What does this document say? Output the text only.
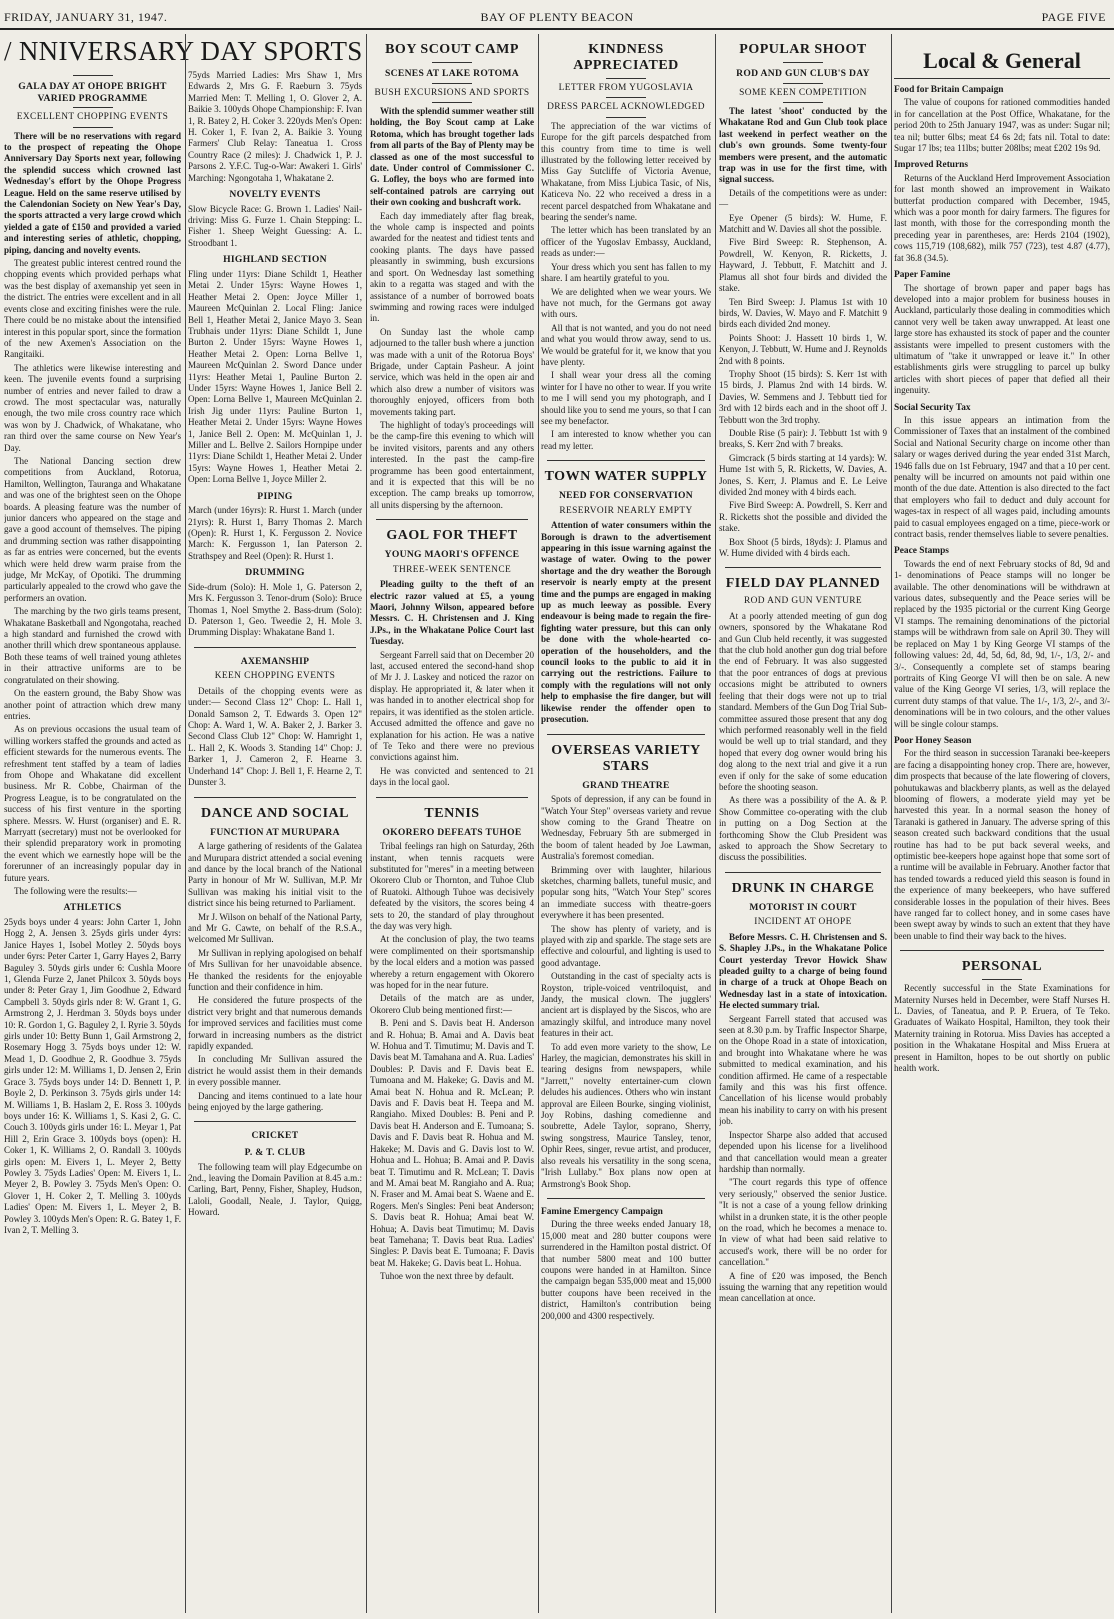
FRIDAY, JANUARY 31, 1947.	BAY OF PLENTY BEACON	PAGE FIVE
/ NNIVERSARY DAY SPORTS
GALA DAY AT OHOPE BRIGHT VARIED PROGRAMME
EXCELLENT CHOPPING EVENTS

There will be no reservations with regard to the prospect of repeating the Ohope Anniversary Day Sports next year, following the splendid success which crowned last Wednesday's effort by the Ohope Progress League. Held on the same reserve utilised by the Calendonian Society on New Year's Day, the sports attracted a very large crowd which yielded a gate of £150 and provided a varied and interesting series of athletic, chopping, piping, dancing and novelty events.

The greatest public interest centred round the chopping events which provided perhaps what was the best display of axemanship yet seen in the district. The entries were excellent and in all events close and exciting finishes were the rule. There could be no mistake about the intensified interest in this popular sport, since the formation of the new Axemen's Association on the Rangitaiki.

The athletics were likewise interesting and keen. The juvenile events found a surprising number of entries and never failed to draw a crowd. The most spectacular was, naturally enough, the two mile cross country race which was won by J. Chadwick, of Whakatane, who ran third over the same course on New Year's Day.

The National Dancing section drew competitions from Auckland, Rotorua, Hamilton, Wellington, Tauranga and Whakatane and was one of the brightest seen on the Ohope boards. A pleasing feature was the number of junior dancers who appeared on the stage and gave a good account of themselves. The piping and drumming section was rather disappointing as far as entries were concerned, but the events which were held drew warm praise from the judge, Mr McKay, of Opotiki. The drumming particularly appealed to the crowd who gave the performers an ovation.

The marching by the two girls teams present, Whakatane Basketball and Ngongotaha, reached a high standard and furnished the crowd with another thrill which drew spontaneous applause. Both these teams of well trained young athletes in their attractive uniforms are to be congratulated on their showing.

On the eastern ground, the Baby Show was another point of attraction which drew many entries.

As on previous occasions the usual team of willing workers staffed the grounds and acted as efficient stewards for the numerous events. The refreshment tent staffed by a team of ladies from Ohope and Whakatane did excellent business. Mr R. Cobbe, Chairman of the Progress League, is to be congratulated on the success of his first venture in the sporting sphere. Messrs. W. Hurst (organiser) and E. R. Marryatt (secretary) must not be overlooked for their splendid preparatory work in promoting the event which we earnestly hope will be the forerunner of an increasingly popular day in future years.

The following were the results:—

ATHLETICS

25yds boys under 4 years: John Carter 1, John Hogg 2, A. Jensen 3. 25yds girls under 4yrs: Janice Hayes 1, Isobel Motley 2. 50yds boys under 6yrs: Peter Carter 1, Garry Hayes 2, Barry Baguley 3. 50yds girls under 6: Cushla Moore 1, Glenda Furze 2, Janet Philcox 3. 50yds boys under 8: Peter Gray 1, Jim Goodhue 2, Edward Campbell 3. 50yds girls nder 8: W. Grant 1, G. Armstrong 2, J. Herdman 3. 50yds boys under 10: R. Gordon 1, G. Baguley 2, I. Ryrie 3. 50yds girls under 10: Betty Bunn 1, Gail Armstrong 2, Rosemary Hogg 3. 75yds boys under 12: W. Mead 1, D. Goodhue 2, R. Goodhue 3. 75yds girls under 12: M. Williams 1, D. Jensen 2, Erin Grace 3. 75yds boys under 14: D. Bennett 1, P. Boyle 2, D. Perkinson 3. 75yds girls under 14: M. Williams 1, B. Haslam 2, E. Ross 3. 100yds boys under 16: K. Williams 1, S. Kasi 2, G. C. Couch 3. 100yds girls under 16: L. Meyar 1, Pat Hill 2, Erin Grace 3. 100yds boys (open): H. Coker 1, K. Williams 2, O. Randall 3. 100yds girls open: M. Eivers 1, L. Meyer 2, Betty Powley 3. 75yds Ladies' Open: M. Eivers 1, L. Meyer 2, B. Powley 3. 75yds Men's Open: O. Glover 1, H. Coker 2, T. Melling 3. 100yds Ladies' Open: M. Eivers 1, L. Meyer 2, B. Powley 3. 100yds Men's Open: R. G. Batey 1, F. Ivan 2, T. Melling 3.

75yds Married Ladies: Mrs Shaw 1, Mrs Edwards 2, Mrs G. F. Raeburn 3. 75yds Married Men: T. Melling 1, O. Glover 2, A. Baikie 3. 100yds Ohope Championship: F. Ivan 1, R. Batey 2, H. Coker 3. 220yds Men's Open: H. Coker 1, F. Ivan 2, A. Baikie 3. Young Farmers' Club Relay: Taneatua 1. Cross Country Race (2 miles): J. Chadwick 1, P. J. Parsons 2. Y.F.C. Tug-o-War: Awakeri 1. Girls' Marching: Ngongotaha 1, Whakatane 2.

NOVELTY EVENTS

Slow Bicycle Race: G. Brown 1. Ladies' Nail-driving: Miss G. Furze 1. Chain Stepping: L. Fisher 1. Sheep Weight Guessing: A. L. Stroodbant 1.

HIGHLAND SECTION

Fling under 11yrs: Diane Schildt 1, Heather Metai 2. Under 15yrs: Wayne Howes 1, Heather Metai 2. Open: Joyce Miller 1, Maureen McQuinlan 2. Local Fling: Janice Bell 1, Heather Metai 2, Janice Mayo 3. Sean Trubhais under 11yrs: Diane Schildt 1, June Burton 2. Under 15yrs: Wayne Howes 1, Heather Metai 2. Open: Lorna Bellve 1, Maureen McQuinlan 2. Sword Dance under 11yrs: Heather Metai 1, Pauline Burton 2. Under 15yrs: Wayne Howes 1, Janice Bell 2. Open: Lorna Bellve 1, Maureen McQuinlan 2. Irish Jig under 11yrs: Pauline Burton 1, Heather Metai 2. Under 15yrs: Wayne Howes 1, Janice Bell 2. Open: M. McQuinlan 1, J. Miller and L. Bellve 2. Sailors Hornpipe under 11yrs: Diane Schildt 1, Heather Metai 2. Under 15yrs: Wayne Howes 1, Heather Metai 2. Open: Lorna Bellve 1, Joyce Miller 2.

PIPING

March (under 16yrs): R. Hurst 1. March (under 21yrs): R. Hurst 1, Barry Thomas 2. March (Open): R. Hurst 1, K. Fergusson 2. Novice March: K. Fergusson 1, Ian Paterson 2. Strathspey and Reel (Open): R. Hurst 1.

DRUMMING

Side-drum (Solo): H. Mole 1, G. Paterson 2, Mrs K. Fergusson 3. Tenor-drum (Solo): Bruce Thomas 1, Noel Smythe 2. Bass-drum (Solo): D. Paterson 1, Geo. Tweedie 2, H. Mole 3. Drumming Display: Whakatane Band 1.

AXEMANSHIP
KEEN CHOPPING EVENTS

Details of the chopping events were as under:— Second Class 12" Chop: L. Hall 1, Donald Samson 2, T. Edwards 3. Open 12" Chop: A. Ward 1, W. A. Baker 2, J. Barker 3. Second Class Club 12" Chop: W. Hamright 1, L. Hall 2, K. Woods 3. Standing 14" Chop: J. Barker 1, J. Cameron 2, F. Hearne 3. Underhand 14" Chop: J. Bell 1, F. Hearne 2, T. Dunster 3.

DANCE AND SOCIAL
FUNCTION AT MURUPARA

A large gathering of residents of the Galatea and Murupara district attended a social evening and dance by the local branch of the National Party in honour of Mr W. Sullivan, M.P. Mr Sullivan was making his initial visit to the district since his being returned to Parliament.

Mr J. Wilson on behalf of the National Party, and Mr G. Cawte, on behalf of the R.S.A., welcomed Mr Sullivan.

Mr Sullivan in replying apologised on behalf of Mrs Sullivan for her unavoidable absence. He thanked the residents for the enjoyable function and their confidence in him.

He considered the future prospects of the district very bright and that numerous demands for improved services and facilities must come forward in increasing numbers as the district rapidly expanded.

In concluding Mr Sullivan assured the district he would assist them in their demands in every possible manner.

Dancing and items continued to a late hour being enjoyed by the large gathering.

CRICKET
P. & T. CLUB

The following team will play Edgecumbe on 2nd., leaving the Domain Pavilion at 8.45 a.m.: Carling, Bart, Penny, Fisher, Shapley, Hudson, Laloli, Goodall, Neale, J. Taylor, Quigg, Howard.

BOY SCOUT CAMP
SCENES AT LAKE ROTOMA
BUSH EXCURSIONS AND SPORTS

With the splendid summer weather still holding, the Boy Scout camp at Lake Rotoma, which has brought together lads from all parts of the Bay of Plenty may be classed as one of the most successful to date. Under control of Commissioner C. G. Lofley, the boys who are formed into self-contained patrols are carrying out their own cooking and bushcraft work.

Each day immediately after flag break, the whole camp is inspected and points awarded for the neatest and tidiest tents and cooking plants. The days have passed pleasantly in swimming, bush excursions and sport. On Wednesday last something akin to a regatta was staged and with the assistance of a number of borrowed boats swimming and rowing races were indulged in.

On Sunday last the whole camp adjourned to the taller bush where a junction was made with a unit of the Rotorua Boys' Brigade, under Captain Pasheur. A joint service, which was held in the open air and which also drew a number of visitors was thoroughly enjoyed, officers from both movements taking part.

The highlight of today's proceedings will be the camp-fire this evening to which will be invited visitors, parents and any others interested. In the past the camp-fire programme has been good entertainment, and it is expected that this will be no exception. The camp breaks up tomorrow, all units dispersing by the afternoon.

GAOL FOR THEFT
YOUNG MAORI'S OFFENCE
THREE-WEEK SENTENCE

Pleading guilty to the theft of an electric razor valued at £5, a young Maori, Johnny Wilson, appeared before Messrs. C. H. Christensen and J. King J.Ps., in the Whakatane Police Court last Tuesday.

Sergeant Farrell said that on December 20 last, accused entered the second-hand shop of Mr J. J. Laskey and noticed the razor on display. He appropriated it, & later when it was handed in to another electrical shop for repairs, it was identified as the stolen article. Accused admitted the offence and gave no explanation for his action. He was a native of Te Teko and there were no previous convictions against him.

He was convicted and sentenced to 21 days in the local gaol.

TENNIS
OKORERO DEFEATS TUHOE

Tribal feelings ran high on Saturday, 26th instant, when tennis racquets were substituted for "meres" in a meeting between Okorero Club or Thornton, and Tuhoe Club of Ruatoki. Although Tuhoe was decisively defeated by the visitors, the scores being 4 sets to 20, the standard of play throughout the day was very high.

At the conclusion of play, the two teams were complimented on their sportsmanship by the local elders and a motion was passed whereby a return engagement with Okorero was hoped for in the near future.

Details of the match are as under, Okorero Club being mentioned first:—

B. Peni and S. Davis beat H. Anderson and R. Hohua; B. Amai and A. Davis beat W. Hohua and T. Timutimu; M. Davis and T. Davis beat M. Tamahana and A. Rua. Ladies' Doubles: P. Davis and F. Davis beat E. Tumoana and M. Hakeke; G. Davis and M. Amai beat N. Hohua and R. McLean; P. Davis and F. Davis beat H. Teepa and M. Rangiaho. Mixed Doubles: B. Peni and P. Davis beat H. Anderson and E. Tumoana; S. Davis and F. Davis beat R. Hohua and M. Hakeke; M. Davis and G. Davis lost to W. Hohua and L. Hohua; B. Amai and P. Davis beat T. Timutimu and R. McLean; T. Davis and M. Amai beat M. Rangiaho and A. Rua; N. Fraser and M. Amai beat S. Waene and E. Rogers. Men's Singles: Peni beat Anderson; S. Davis beat R. Hohua; Amai beat W. Hohua; A. Davis beat Timutimu; M. Davis beat Tamehana; T. Davis beat Rua. Ladies' Singles: P. Davis beat E. Tumoana; F. Davis beat M. Hakeke; G. Davis beat L. Hohua.

Tuhoe won the next three by default.

KINDNESS APPRECIATED
LETTER FROM YUGOSLAVIA
DRESS PARCEL ACKNOWLEDGED

The appreciation of the war victims of Europe for the gift parcels despatched from this country from time to time is well illustrated by the following letter received by Miss Gay Sutcliffe of Victoria Avenue, Whakatane, from Miss Ljubica Tasic, of Nis, Katicevа No. 22 who received a dress in a recent parcel despatched from Whakatane and bearing the sender's name.

The letter which has been translated by an officer of the Yugoslav Embassy, Auckland, reads as under:—

Your dress which you sent has fallen to my share. I am heartily grateful to you.

We are delighted when we wear yours. We have not much, for the Germans got away with ours.

All that is not wanted, and you do not need and what you would throw away, send to us. We would be grateful for it, we know that you have plenty.

I shall wear your dress all the coming winter for I have no other to wear. If you write to me I will send you my photograph, and I should like you to send me yours, so that I can see my benefactor.

I am interested to know whether you can read my letter.

TOWN WATER SUPPLY
NEED FOR CONSERVATION
RESERVOIR NEARLY EMPTY

Attention of water consumers within the Borough is drawn to the advertisement appearing in this issue warning against the wastage of water. Owing to the power shortage and the dry weather the Borough reservoir is nearly empty at the present time and the pumps are engaged in making up as much leeway as possible. Every endeavour is being made to regain the fire-fighting water pressure, but this can only be done with the whole-hearted co-operation of the householders, and the council looks to the public to aid it in carrying out the restrictions. Failure to comply with the regulations will not only help to emphasise the fire danger, but will likewise render the offender open to prosecution.

OVERSEAS VARIETY STARS
GRAND THEATRE

Spots of depression, if any can be found in "Watch Your Step" overseas variety and revue show coming to the Grand Theatre on Wednesday, February 5th are submerged in the boom of talent headed by Joe Lawman, Australia's foremost comedian.

Brimming over with laughter, hilarious sketches, charming ballets, tuneful music, and popular song hits, "Watch Your Step" scores an immediate success with theatre-goers everywhere it has been presented.

The show has plenty of variety, and is played with zip and sparkle. The stage sets are effective and colourful, and lighting is used to good advantage.

Outstanding in the cast of specialty acts is Royston, triple-voiced ventriloquist, and Jandy, the musical clown. The jugglers' ancient art is displayed by the Siscos, who are amazingly skilful, and introduce many novel features in their act.

To add even more variety to the show, Le Harley, the magician, demonstrates his skill in tearing designs from newspapers, while "Jarrett," novelty entertainer-cum clown deludes his audiences. Others who win instant approval are Eileen Bourke, singing violinist, Joy Robins, dashing comedienne and soubrette, Adele Taylor, soprano, Sherry, swing songstress, Maurice Tansley, tenor, Ophir Rees, singer, revue artist, and producer, also reveals his versatility in the song scena, "Irish Lullaby." Box plans now open at Armstrong's Book Shop.

Famine Emergency Campaign

During the three weeks ended January 18, 15,000 meat and 280 butter coupons were surrendered in the Hamilton postal district. Of that number 5800 meat and 100 butter coupons were handed in at Hamilton. Since the campaign began 535,000 meat and 15,000 butter coupons have been received in the district, Hamilton's contribution being 200,000 and 4300 respectively.

POPULAR SHOOT
ROD AND GUN CLUB'S DAY
SOME KEEN COMPETITION

The latest 'shoot' conducted by the Whakatane Rod and Gun Club took place last weekend in perfect weather on the club's own grounds. Some twenty-four members were present, and the automatic trap was in use for the first time, with signal success.

Details of the competitions were as under:—

Eye Opener (5 birds): W. Hume, F. Matchitt and W. Davies all shot the possible.

Five Bird Sweep: R. Stephenson, A. Powdrell, W. Kenyon, R. Ricketts, J. Hayward, J. Tebbutt, F. Matchitt and J. Plamus all shot four birds and divided the stake.

Ten Bird Sweep: J. Plamus 1st with 10 birds, W. Davies, W. Mayo and F. Matchitt 9 birds each divided 2nd money.

Points Shoot: J. Hassett 10 birds 1, W. Kenyon, J. Tebbutt, W. Hume and J. Reynolds 2nd with 8 points.

Trophy Shoot (15 birds): S. Kerr 1st with 15 birds, J. Plamus 2nd with 14 birds. W. Davies, W. Semmens and J. Tebbutt tied for 3rd with 12 birds each and in the shoot off J. Tebbutt won the 3rd trophy.

Double Rise (5 pair): J. Tebbutt 1st with 9 breaks, S. Kerr 2nd with 7 breaks.

Gimcrack (5 birds starting at 14 yards): W. Hume 1st with 5, R. Ricketts, W. Davies, A. Jones, S. Kerr, J. Plamus and E. Le Leive divided 2nd money with 4 birds each.

Five Bird Sweep: A. Powdrell, S. Kerr and R. Ricketts shot the possible and divided the stake.

Box Shoot (5 birds, 18yds): J. Plamus and W. Hume divided with 4 birds each.

FIELD DAY PLANNED
ROD AND GUN VENTURE

At a poorly attended meeting of gun dog owners, sponsored by the Whakatane Rod and Gun Club held recently, it was suggested that the club hold another gun dog trial before the end of February. It was also suggested that the poor entrances of dogs at previous occasions might be attributed to owners feeling that their dogs were not up to trial standard. Members of the Gun Dog Trial Sub-committee assured those present that any dog which performed reasonably well in the field would be well up to trial standard, and they hoped that every dog owner would bring his dog along to the next trial and give it a run even if only for the sake of some education before the shooting season.

As there was a possibility of the A. & P. Show Committee co-operating with the club in putting on a Dog Section at the forthcoming Show the Club President was asked to approach the Show Secretary to discuss the possibilities.

DRUNK IN CHARGE
MOTORIST IN COURT
INCIDENT AT OHOPE

Before Messrs. C. H. Christensen and S. S. Shapley J.Ps., in the Whakatane Police Court yesterday Trevor Howick Shaw pleaded guilty to a charge of being found in charge of a truck at Ohope Beach on Wednesday last in a state of intoxication. He elected summary trial.

Sergeant Farrell stated that accused was seen at 8.30 p.m. by Traffic Inspector Sharpe, on the Ohope Road in a state of intoxication, and brought into Whakatane where he was submitted to medical examination, and his condition affirmed. He came of a respectable family and this was his first offence. Cancellation of his license would probably mean his inability to carry on with his present job.

Inspector Sharpe also added that accused depended upon his license for a livelihood and that cancellation would mean a greater hardship than normally.

"The court regards this type of offence very seriously," observed the senior Justice. "It is not a case of a young fellow drinking whilst in a drunken state, it is the other people on the road, which he becomes a menace to. In view of what had been said relative to accused's work, there will be no order for cancellation."

A fine of £20 was imposed, the Bench issuing the warning that any repetition would mean cancellation at once.

Local & General
Food for Britain Campaign

The value of coupons for rationed commodities handed in for cancellation at the Post Office, Whakatane, for the period 20th to 25th January 1947, was as under: Sugar nil; tea nil; butter 6lbs; meat £4 6s 2d; fats nil. Total to date: Sugar 17 lbs; tea 11lbs; butter 208lbs; meat £202 19s 9d.

Improved Returns

Returns of the Auckland Herd Improvement Association for last month showed an improvement in Waikato butterfat production compared with December, 1945, which was a poor month for dairy farmers. The figures for last month, with those for the corresponding month the preceding year in parentheses, are: Herds 2104 (1902), cows 115,719 (108,682), milk 757 (723), test 4.87 (4.77), fat 36.8 (34.5).

Paper Famine

The shortage of brown paper and paper bags has developed into a major problem for business houses in Auckland, particularly those dealing in commodities which cannot very well be taken away unwrapped. At least one large store has exhausted its stock of paper and the counter assistants were impelled to present customers with the ultimatum of "take it unwrapped or leave it." In other establishments girls were struggling to parcel up bulky articles with short pieces of paper that defied all their ingenuity.

Social Security Tax

In this issue appears an intimation from the Commissioner of Taxes that an instalment of the combined Social and National Security charge on income other than salary or wages derived during the year ended 31st March, 1946 falls due on 1st February, 1947 and that a 10 per cent. penalty will be incurred on amounts not paid within one month of the due date. Attention is also directed to the fact that employers who fail to deduct and duly account for wages-tax in respect of all wages paid, including amounts paid to casual employees engaged on a time, piece-work or contract basis, render themselves liable to severe penalties.

Peace Stamps

Towards the end of next February stocks of 8d, 9d and 1- denominations of Peace stamps will no longer be available. The other denominations will be withdrawn at various dates, subsequently and the Peace series will be replaced by the 1935 pictorial or the current King George VI stamps. The remaining denominations of the pictorial stamps will be withdrawn from sale on April 30. They will be replaced on May 1 by King George VI stamps of the following values: 2d, 4d, 5d, 6d, 8d, 9d, 1/-, 1/3, 2/- and 3/-. Consequently a complete set of stamps bearing portraits of King George VI will then be on sale. A new value of the King George VI series, 1/3, will replace the current duty stamps of that value. The 1/-, 1/3, 2/-, and 3/- denominations will be in two colours, and the other values will be single colour stamps.

Poor Honey Season

For the third season in succession Taranaki bee-keepers are facing a disappointing honey crop. There are, however, dim prospects that because of the late flowering of clovers, pohutukawas and blackberry plants, as well as the delayed blooming of flowers, a moderate yield may yet be harvested this year. In a normal season the honey of Taranaki is gathered in January. The adverse spring of this season created such backward conditions that the usual routine has had to be put back several weeks, and optimistic bee-keepers hope against hope that some sort of a runtime will be available in February. Another factor that has tended towards a reduced yield this season is found in the experience of many beekeepers, who have suffered considerable losses in the population of their hives. Bees have ranged far to collect honey, and in some cases have been swept away by winds to such an extent that they have been unable to find their way back to the hives.

PERSONAL

Recently successful in the State Examinations for Maternity Nurses held in December, were Staff Nurses H. L. Davies, of Taneatua, and P. P. Eruera, of Te Teko. Graduates of Waikato Hospital, Hamilton, they took their Maternity training in Rotorua. Miss Davies has accepted a position in the Whakatane Hospital and Miss Eruera at present in Hamilton, hopes to be out shortly on public health work.
